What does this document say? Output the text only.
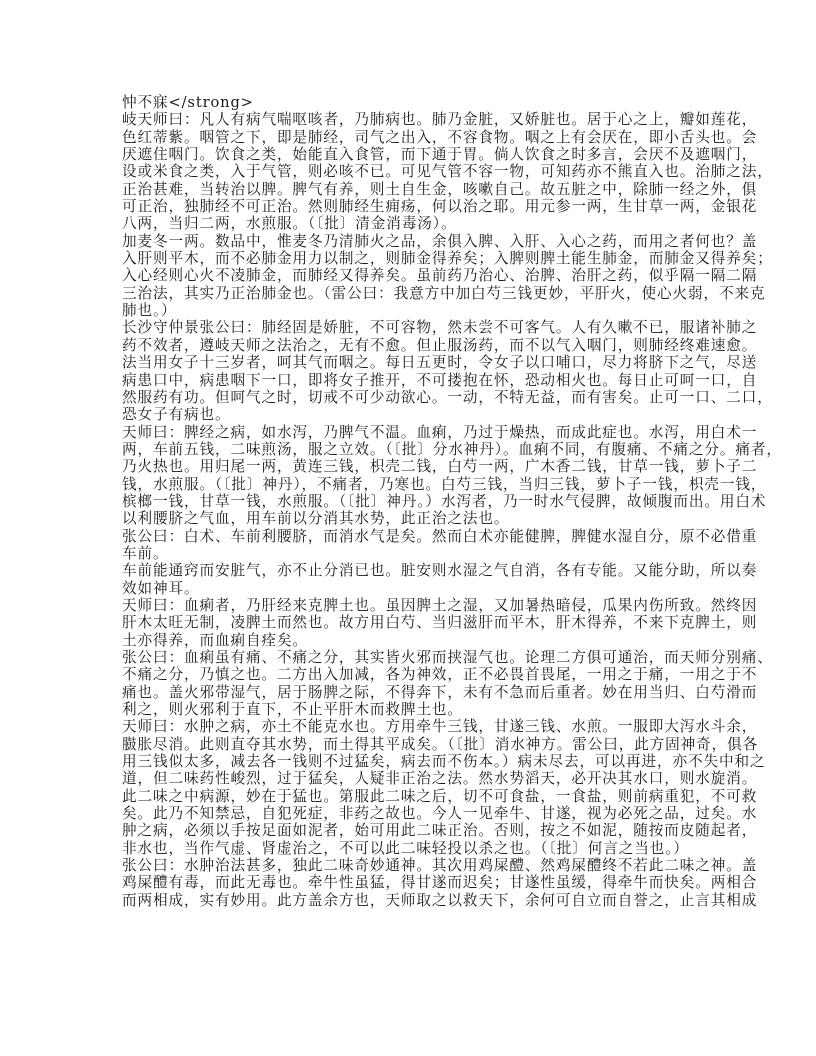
忡不寐</strong>
岐天师曰：凡人有病气喘呕咳者，乃肺病也。肺乃金脏，又娇脏也。居于心之上，瓣如莲花，
色红蒂紫。咽管之下，即是肺经，司气之出入，不容食物。咽之上有会厌在，即小舌头也。会
厌遮住咽门。饮食之类，始能直入食管，而下通于胃。倘人饮食之时多言，会厌不及遮咽门，
设或米食之类，入于气管，则必咳不已。可见气管不容一物，可知药亦不熊直入也。治肺之法，
正治甚难，当转治以脾。脾气有养，则土自生金，咳嗽自己。故五脏之中，除肺一经之外，俱
可正治，独肺经不可正治。然则肺经生痈疡，何以治之耶。用元参一两，生甘草一两，金银花
八两，当归二两，水煎服。（〔批〕清金消毒汤）。
加麦冬一两。数品中，惟麦冬乃清肺火之品，余俱入脾、入肝、入心之药，而用之者何也？盖
入肝则平木，而不必肺金用力以制之，则肺金得养矣；入脾则脾土能生肺金，而肺金又得养矣；
入心经则心火不凌肺金，而肺经又得养矣。虽前药乃治心、治脾、治肝之药，似乎隔一隔二隔
三治法，其实乃正治肺金也。（雷公曰：我意方中加白芍三钱更妙，平肝火，使心火弱，不来克
肺也。）
长沙守仲景张公曰：肺经固是娇脏，不可容物，然未尝不可客气。人有久嗽不已，服诸补肺之
药不效者，遵岐天师之法治之，无有不愈。但止服汤药，而不以气入咽门，则肺经终难速愈。
法当用女子十三岁者，呵其气而咽之。每日五更时，令女子以口哺口，尽力将脐下之气，尽送
病患口中，病患咽下一口，即将女子推开，不可搂抱在怀，恐动相火也。每日止可呵一口，自
然服药有功。但呵气之时，切戒不可少动欲心。一动，不特无益，而有害矣。止可一口、二口，
恐女子有病也。
天师曰：脾经之病，如水泻，乃脾气不温。血痢，乃过于燥热，而成此症也。水泻，用白术一
两，车前五钱，二味煎汤，服之立效。（〔批〕分水神丹）。血痢不同，有腹痛、不痛之分。痛者，
乃火热也。用归尾一两，黄连三钱，枳壳二钱，白芍一两，广木香二钱，甘草一钱，萝卜子二
钱，水煎服。（〔批〕神丹），不痛者，乃寒也。白芍三钱，当归三钱，萝卜子一钱，枳壳一钱，
槟榔一钱，甘草一钱，水煎服。（〔批〕神丹。）水泻者，乃一时水气侵脾，故倾腹而出。用白术
以利腰脐之气血，用车前以分消其水势，此正治之法也。
张公曰：白术、车前利腰脐，而消水气是矣。然而白术亦能健脾，脾健水湿自分，原不必借重
车前。
车前能通窍而安脏气，亦不止分消已也。脏安则水湿之气自消，各有专能。又能分助，所以奏
效如神耳。
天师曰：血痢者，乃肝经来克脾土也。虽因脾土之湿，又加暑热暗侵，瓜果内伤所致。然终因
肝木太旺无制，凌脾土而然也。故方用白芍、当归滋肝而平木，肝木得养，不来下克脾土，则
土亦得养，而血痢自痊矣。
张公曰：血痢虽有痛、不痛之分，其实皆火邪而挟湿气也。论理二方俱可通治，而天师分别痛、
不痛之分，乃慎之也。二方出入加减，各为神效，正不必畏首畏尾，一用之于痛，一用之于不
痛也。盖火邪带湿气，居于肠脾之际，不得奔下，未有不急而后重者。妙在用当归、白芍滑而
利之，则火邪利于直下，不止平肝木而救脾土也。
天师曰：水肿之病，亦土不能克水也。方用牵牛三钱，甘遂三钱、水煎。一服即大泻水斗余，
臌胀尽消。此则直夺其水势，而土得其平成矣。（〔批〕消水神方。雷公曰，此方固神奇，俱各
用三钱似太多，减去各一钱则不过猛矣，病去而不伤本。）病未尽去，可以再进，亦不失中和之
道，但二味药性峻烈，过于猛矣，人疑非正治之法。然水势滔天，必开决其水口，则水旋消。
此二味之中病源，妙在于猛也。第服此二味之后，切不可食盐，一食盐，则前病重犯，不可救
矣。此乃不知禁忌，自犯死症，非药之故也。今人一见牵牛、甘遂，视为必死之品，过矣。水
肿之病，必须以手按足面如泥者，始可用此二味正治。否则，按之不如泥，随按而皮随起者，
非水也，当作气虚、肾虚治之，不可以此二味轻投以杀之也。（〔批〕何言之当也。）
张公曰：水肿治法甚多，独此二味奇妙通神。其次用鸡屎醴、然鸡屎醴终不若此二味之神。盖
鸡屎醴有毒，而此无毒也。牵牛性虽猛，得甘遂而迟矣；甘遂性虽缓，得牵牛而快矣。两相合
而两相成，实有妙用。此方盖余方也，天师取之以救天下，余何可自立而自誉之，止言其相成
